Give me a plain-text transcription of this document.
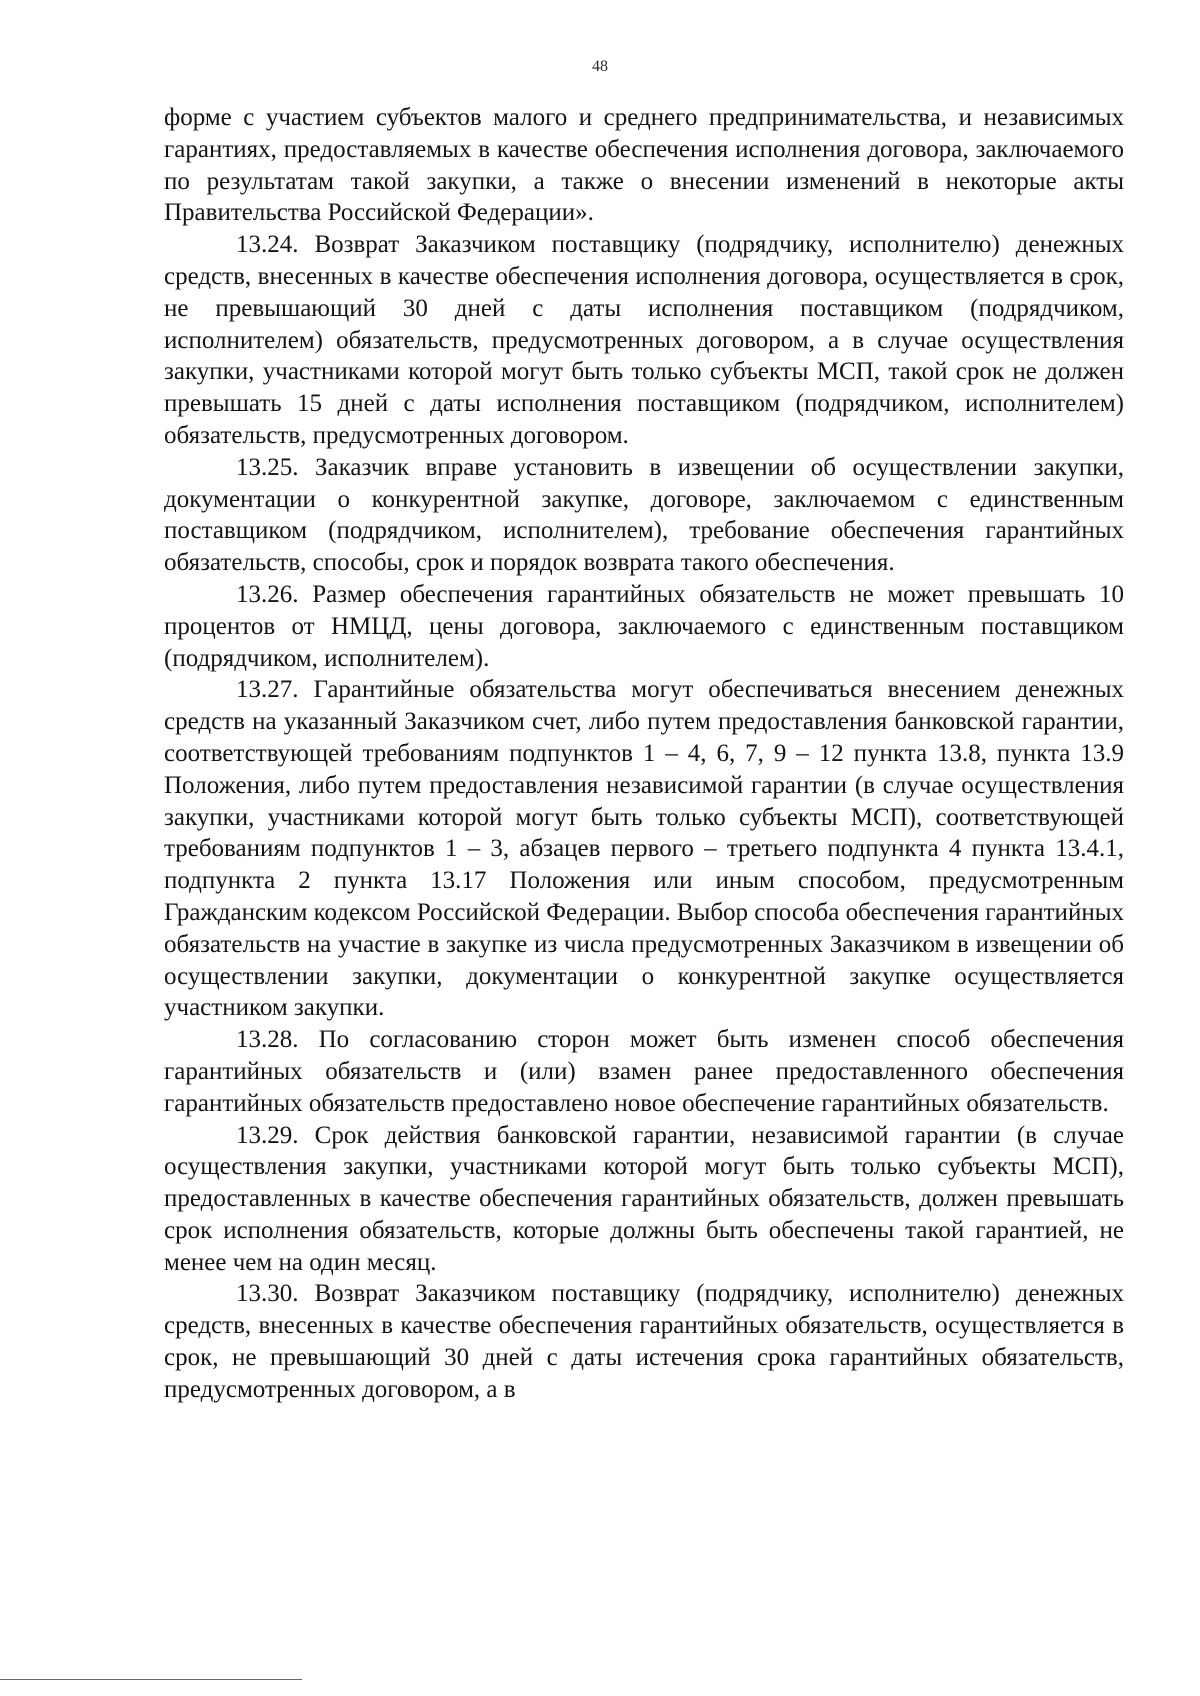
48

форме с участием субъектов малого и среднего предпринимательства, и независимых гарантиях, предоставляемых в качестве обеспечения исполнения договора, заключаемого по результатам такой закупки, а также о внесении изменений в некоторые акты Правительства Российской Федерации».

13.24. Возврат Заказчиком поставщику (подрядчику, исполнителю) денежных средств, внесенных в качестве обеспечения исполнения договора, осуществляется в срок, не превышающий 30 дней с даты исполнения поставщиком (подрядчиком, исполнителем) обязательств, предусмотренных договором, а в случае осуществления закупки, участниками которой могут быть только субъекты МСП, такой срок не должен превышать 15 дней с даты исполнения поставщиком (подрядчиком, исполнителем) обязательств, предусмотренных договором.

13.25. Заказчик вправе установить в извещении об осуществлении закупки, документации о конкурентной закупке, договоре, заключаемом с единственным поставщиком (подрядчиком, исполнителем), требование обеспечения гарантийных обязательств, способы, срок и порядок возврата такого обеспечения.

13.26. Размер обеспечения гарантийных обязательств не может превышать 10 процентов от НМЦД, цены договора, заключаемого с единственным поставщиком (подрядчиком, исполнителем).

13.27. Гарантийные обязательства могут обеспечиваться внесением денежных средств на указанный Заказчиком счет, либо путем предоставления банковской гарантии, соответствующей требованиям подпунктов 1 – 4, 6, 7, 9 – 12 пункта 13.8, пункта 13.9 Положения, либо путем предоставления независимой гарантии (в случае осуществления закупки, участниками которой могут быть только субъекты МСП), соответствующей требованиям подпунктов 1 – 3, абзацев первого – третьего подпункта 4 пункта 13.4.1, подпункта 2 пункта 13.17 Положения или иным способом, предусмотренным Гражданским кодексом Российской Федерации. Выбор способа обеспечения гарантийных обязательств на участие в закупке из числа предусмотренных Заказчиком в извещении об осуществлении закупки, документации о конкурентной закупке осуществляется участником закупки.

13.28. По согласованию сторон может быть изменен способ обеспечения гарантийных обязательств и (или) взамен ранее предоставленного обеспечения гарантийных обязательств предоставлено новое обеспечение гарантийных обязательств.

13.29. Срок действия банковской гарантии, независимой гарантии (в случае осуществления закупки, участниками которой могут быть только субъекты МСП), предоставленных в качестве обеспечения гарантийных обязательств, должен превышать срок исполнения обязательств, которые должны быть обеспечены такой гарантией, не менее чем на один месяц.

13.30. Возврат Заказчиком поставщику (подрядчику, исполнителю) денежных средств, внесенных в качестве обеспечения гарантийных обязательств, осуществляется в срок, не превышающий 30 дней с даты истечения срока гарантийных обязательств, предусмотренных договором, а в
